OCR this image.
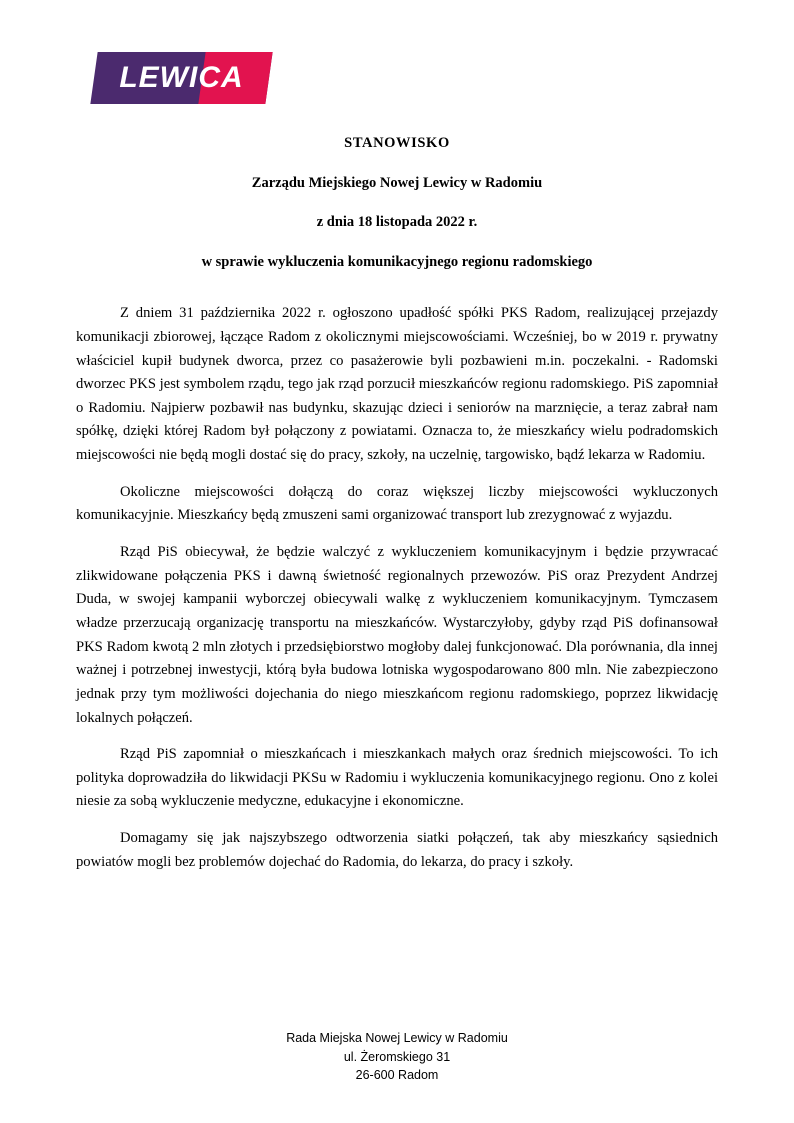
LEWICA
STANOWISKO
Zarządu Miejskiego Nowej Lewicy w Radomiu
z dnia 18 listopada 2022 r.
w sprawie wykluczenia komunikacyjnego regionu radomskiego

Z dniem 31 października 2022 r. ogłoszono upadłość spółki PKS Radom, realizującej przejazdy komunikacji zbiorowej, łączące Radom z okolicznymi miejscowościami. Wcześniej, bo w 2019 r. prywatny właściciel kupił budynek dworca, przez co pasażerowie byli pozbawieni m.in. poczekalni. - Radomski dworzec PKS jest symbolem rządu, tego jak rząd porzucił mieszkańców regionu radomskiego. PiS zapomniał o Radomiu. Najpierw pozbawił nas budynku, skazując dzieci i seniorów na marznięcie, a teraz zabrał nam spółkę, dzięki której Radom był połączony z powiatami. Oznacza to, że mieszkańcy wielu podradomskich miejscowości nie będą mogli dostać się do pracy, szkoły, na uczelnię, targowisko, bądź lekarza w Radomiu.

Okoliczne miejscowości dołączą do coraz większej liczby miejscowości wykluczonych komunikacyjnie. Mieszkańcy będą zmuszeni sami organizować transport lub zrezygnować z wyjazdu.

Rząd PiS obiecywał, że będzie walczyć z wykluczeniem komunikacyjnym i będzie przywracać zlikwidowane połączenia PKS i dawną świetność regionalnych przewozów. PiS oraz Prezydent Andrzej Duda, w swojej kampanii wyborczej obiecywali walkę z wykluczeniem komunikacyjnym. Tymczasem władze przerzucają organizację transportu na mieszkańców. Wystarczyłoby, gdyby rząd PiS dofinansował PKS Radom kwotą 2 mln złotych i przedsiębiorstwo mogłoby dalej funkcjonować. Dla porównania, dla innej ważnej i potrzebnej inwestycji, którą była budowa lotniska wygospodarowano 800 mln. Nie zabezpieczono jednak przy tym możliwości dojechania do niego mieszkańcom regionu radomskiego, poprzez likwidację lokalnych połączeń.

Rząd PiS zapomniał o mieszkańcach i mieszkankach małych oraz średnich miejscowości. To ich polityka doprowadziła do likwidacji PKSu w Radomiu i wykluczenia komunikacyjnego regionu. Ono z kolei niesie za sobą wykluczenie medyczne, edukacyjne i ekonomiczne.

Domagamy się jak najszybszego odtworzenia siatki połączeń, tak aby mieszkańcy sąsiednich powiatów mogli bez problemów dojechać do Radomia, do lekarza, do pracy i szkoły.

Rada Miejska Nowej Lewicy w Radomiu
ul. Żeromskiego 31
26-600 Radom
